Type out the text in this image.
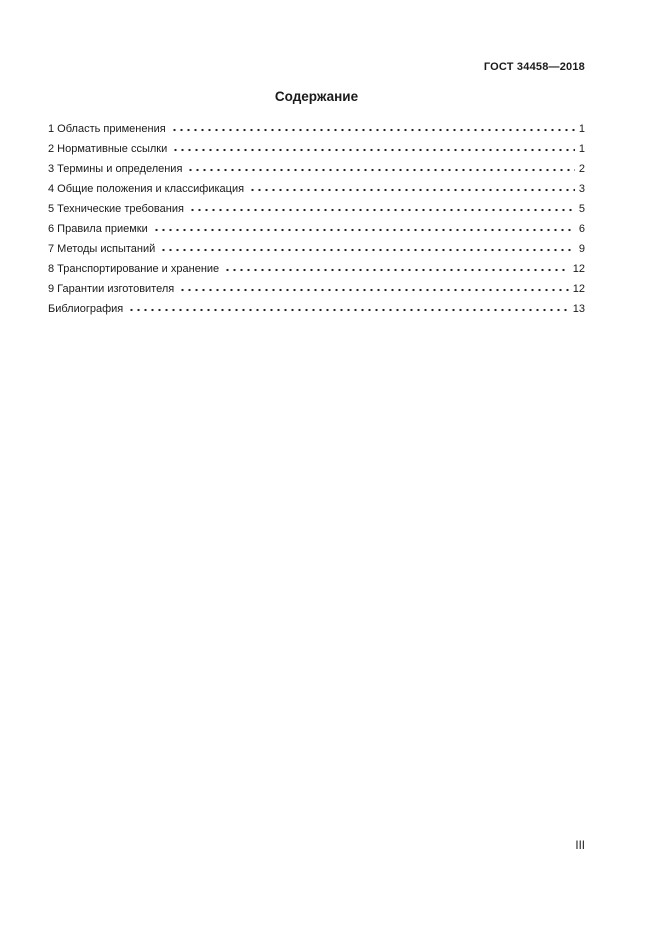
ГОСТ 34458—2018
Содержание
1 Область применения	1
2 Нормативные ссылки	1
3 Термины и определения	2
4 Общие положения и классификация	3
5 Технические требования	5
6 Правила приемки	6
7 Методы испытаний	9
8 Транспортирование и хранение	12
9 Гарантии изготовителя	12
Библиография	13
III
